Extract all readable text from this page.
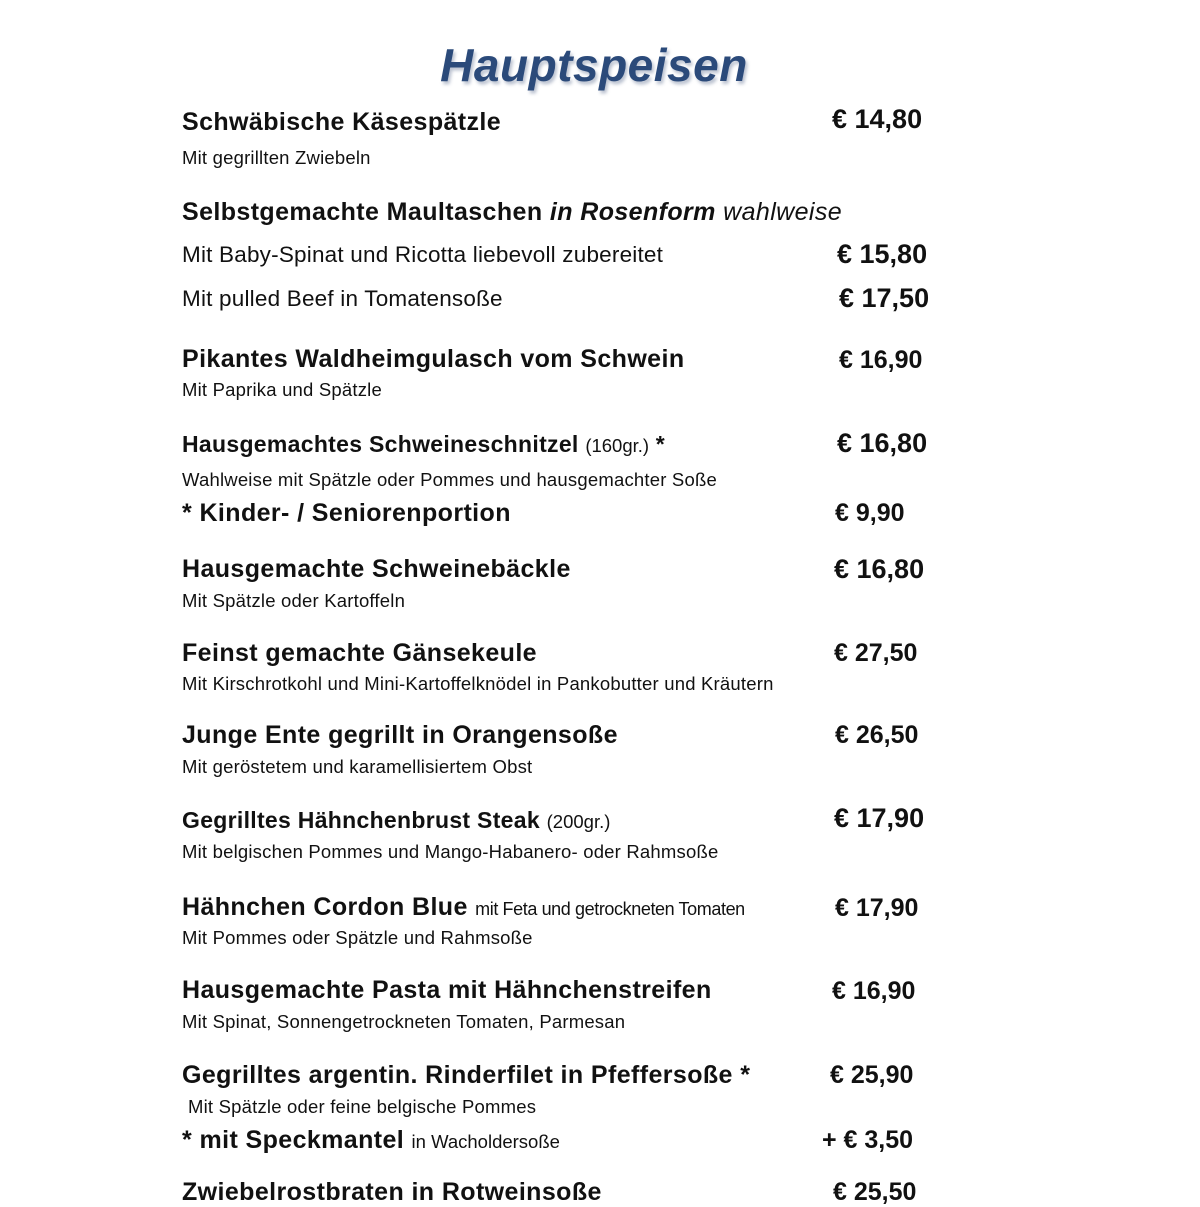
Hauptspeisen
Schwäbische Käsespätzle	€ 14,80
Mit gegrillten Zwiebeln
Selbstgemachte Maultaschen in Rosenform wahlweise
Mit Baby-Spinat und Ricotta liebevoll zubereitet	€ 15,80
Mit pulled Beef in Tomatensoße	€ 17,50
Pikantes Waldheimgulasch vom Schwein	€ 16,90
Mit Paprika und Spätzle
Hausgemachtes Schweineschnitzel (160gr.) *	€ 16,80
Wahlweise mit Spätzle oder Pommes und hausgemachter Soße
* Kinder- / Seniorenportion	€ 9,90
Hausgemachte Schweinebäckle	€ 16,80
Mit Spätzle oder Kartoffeln
Feinst gemachte Gänsekeule	€ 27,50
Mit Kirschrotkohl und Mini-Kartoffelknödel in Pankobutter und Kräutern
Junge Ente gegrillt in Orangensoße	€ 26,50
Mit geröstetem und karamellisiertem Obst
Gegrilltes Hähnchenbrust Steak (200gr.)	€ 17,90
Mit belgischen Pommes und Mango-Habanero- oder Rahmsoße
Hähnchen Cordon Blue mit Feta und getrockneten Tomaten	€ 17,90
Mit Pommes oder Spätzle und Rahmsoße
Hausgemachte Pasta mit Hähnchenstreifen	€ 16,90
Mit Spinat, Sonnengetrockneten Tomaten, Parmesan
Gegrilltes argentin. Rinderfilet in Pfeffersoße *	€ 25,90
Mit Spätzle oder feine belgische Pommes
* mit Speckmantel in Wacholdersoße	+ € 3,50
Zwiebelrostbraten in Rotweinsoße	€ 25,50
